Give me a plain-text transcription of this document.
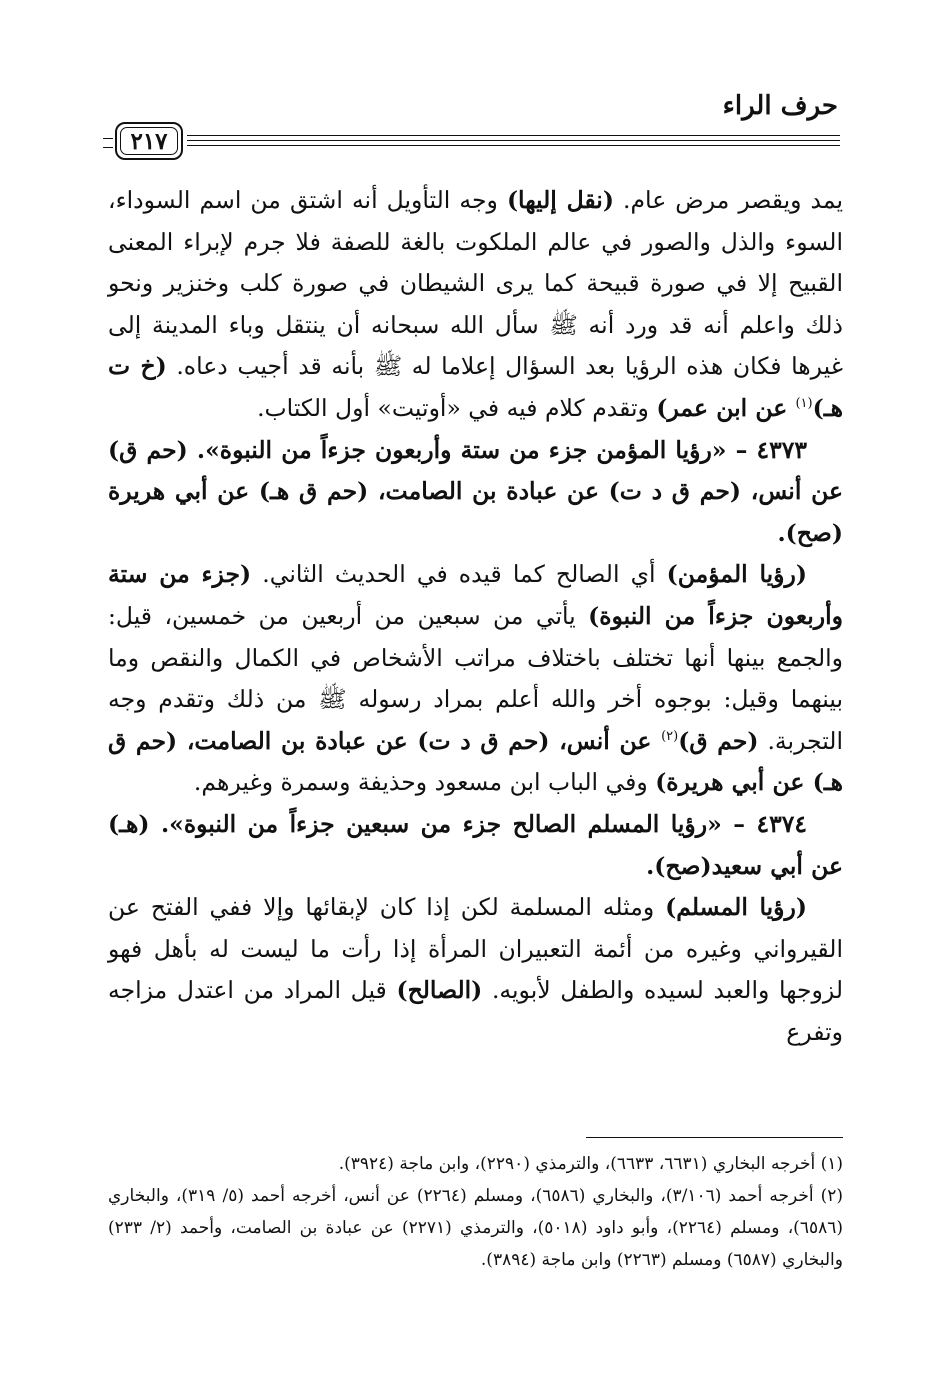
حرف الراء
٢١٧

يمد ويقصر مرض عام. (نقل إليها) وجه التأويل أنه اشتق من اسم السوداء، السوء والذل والصور في عالم الملكوت بالغة للصفة فلا جرم لإبراء المعنى القبيح إلا في صورة قبيحة كما يرى الشيطان في صورة كلب وخنزير ونحو ذلك واعلم أنه قد ورد أنه ﷺ سأل الله سبحانه أن ينتقل وباء المدينة إلى غيرها فكان هذه الرؤيا بعد السؤال إعلاما له ﷺ بأنه قد أجيب دعاه. (خ ت هـ)$^{(١)}$ عن ابن عمر) وتقدم كلام فيه في «أوتيت» أول الكتاب.

٤٣٧٣ – «رؤيا المؤمن جزء من ستة وأربعون جزءاً من النبوة». (حم ق) عن أنس، (حم ق د ت) عن عبادة بن الصامت، (حم ق هـ) عن أبي هريرة (صح).

(رؤيا المؤمن) أي الصالح كما قيده في الحديث الثاني. (جزء من ستة وأربعون جزءاً من النبوة) يأتي من سبعين من أربعين من خمسين، قيل: والجمع بينها أنها تختلف باختلاف مراتب الأشخاص في الكمال والنقص وما بينهما وقيل: بوجوه أخر والله أعلم بمراد رسوله ﷺ من ذلك وتقدم وجه التجربة. (حم ق)$^{(٢)}$ عن أنس، (حم ق د ت) عن عبادة بن الصامت، (حم ق هـ) عن أبي هريرة) وفي الباب ابن مسعود وحذيفة وسمرة وغيرهم.

٤٣٧٤ – «رؤيا المسلم الصالح جزء من سبعين جزءاً من النبوة». (هـ) عن أبي سعيد(صح).

(رؤيا المسلم) ومثله المسلمة لكن إذا كان لإبقائها وإلا ففي الفتح عن القيرواني وغيره من أئمة التعبيران المرأة إذا رأت ما ليست له بأهل فهو لزوجها والعبد لسيده والطفل لأبويه. (الصالح) قيل المراد من اعتدل مزاجه وتفرع

(١) أخرجه البخاري (٦٦٣١، ٦٦٣٣)، والترمذي (٢٢٩٠)، وابن ماجة (٣٩٢٤).

(٢) أخرجه أحمد (٣/١٠٦)، والبخاري (٦٥٨٦)، ومسلم (٢٢٦٤) عن أنس، أخرجه أحمد (٥/ ٣١٩)، والبخاري (٦٥٨٦)، ومسلم (٢٢٦٤)، وأبو داود (٥٠١٨)، والترمذي (٢٢٧١) عن عبادة بن الصامت، وأحمد (٢/ ٢٣٣) والبخاري (٦٥٨٧) ومسلم (٢٢٦٣) وابن ماجة (٣٨٩٤).
